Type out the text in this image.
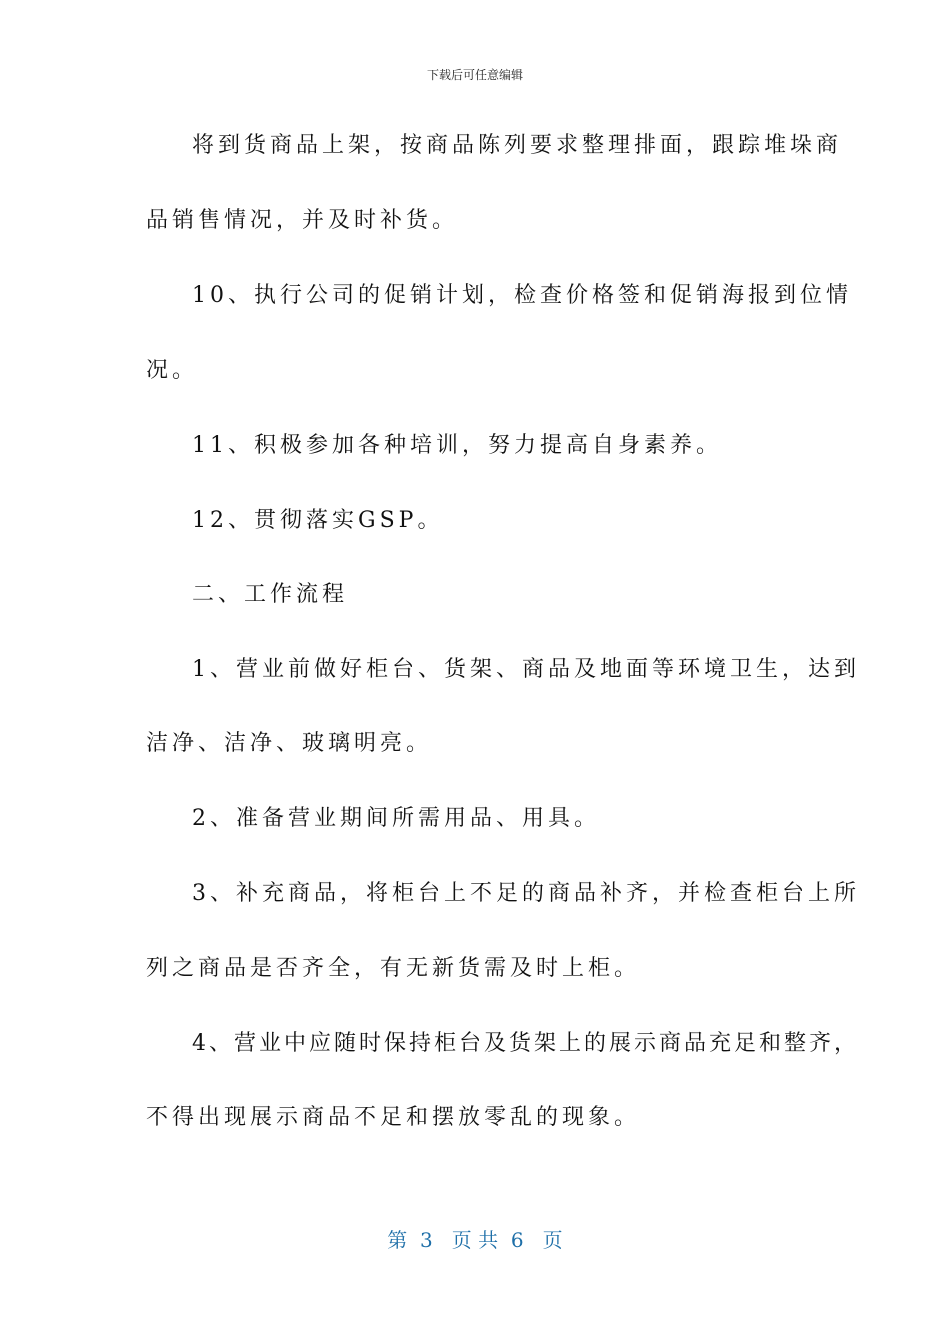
下载后可任意编辑
将到货商品上架，按商品陈列要求整理排面，跟踪堆垛商
品销售情况，并及时补货。
10、执行公司的促销计划，检查价格签和促销海报到位情
况。
11、积极参加各种培训，努力提高自身素养。
12、贯彻落实GSP。
二、工作流程
1、营业前做好柜台、货架、商品及地面等环境卫生，达到
洁净、洁净、玻璃明亮。
2、准备营业期间所需用品、用具。
3、补充商品，将柜台上不足的商品补齐，并检查柜台上所
列之商品是否齐全，有无新货需及时上柜。
4、营业中应随时保持柜台及货架上的展示商品充足和整齐，
不得出现展示商品不足和摆放零乱的现象。
第  3   页 共  6   页
